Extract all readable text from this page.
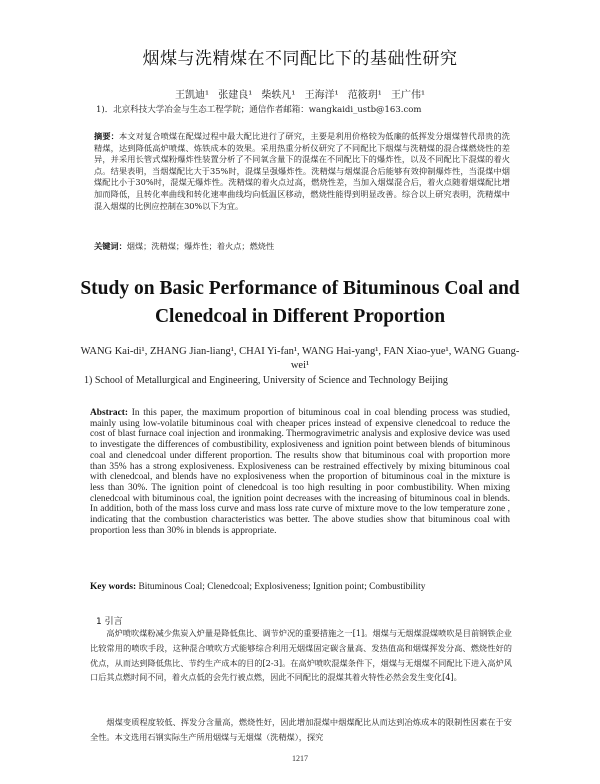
烟煤与洗精煤在不同配比下的基础性研究
王凯迪¹ 张建良¹ 柴轶凡¹ 王海洋¹ 范筱玥¹ 王广伟¹
1)．北京科技大学冶金与生态工程学院；通信作者邮箱：wangkaidi_ustb@163.com
摘要：本文对复合喷煤在配煤过程中最大配比进行了研究，主要是利用价格较为低廉的低挥发分烟煤替代昂贵的洗精煤，达到降低高炉喷煤、炼铁成本的效果。采用热重分析仪研究了不同配比下烟煤与洗精煤的混合煤燃烧性的差异，并采用长管式煤粉爆炸性装置分析了不同氧含量下的混煤在不同配比下的爆炸性，以及不同配比下混煤的着火点。结果表明，当烟煤配比大于35%时，混煤呈强爆炸性。洗精煤与烟煤混合后能够有效抑制爆炸性，当混煤中烟煤配比小于30%时，混煤无爆炸性。洗精煤的着火点过高，燃烧性差，当加入烟煤混合后，着火点随着烟煤配比增加而降低，且转化率曲线和转化速率曲线均向低温区移动，燃烧性能得到明显改善。综合以上研究表明，洗精煤中混入烟煤的比例应控制在30%以下为宜。
关键词：烟煤；洗精煤；爆炸性；着火点；燃烧性
Study on Basic Performance of Bituminous Coal and Clenedcoal in Different Proportion
WANG Kai-di¹, ZHANG Jian-liang¹, CHAI Yi-fan¹, WANG Hai-yang¹, FAN Xiao-yue¹, WANG Guang-wei¹
1) School of Metallurgical and Engineering, University of Science and Technology Beijing
Abstract: In this paper, the maximum proportion of bituminous coal in coal blending process was studied, mainly using low-volatile bituminous coal with cheaper prices instead of expensive clenedcoal to reduce the cost of blast furnace coal injection and ironmaking. Thermogravimetric analysis and explosive device was used to investigate the differences of combustibility, explosiveness and ignition point between blends of bituminous coal and clenedcoal under different proportion. The results show that bituminous coal with proportion more than 35% has a strong explosiveness. Explosiveness can be restrained effectively by mixing bituminous coal with clenedcoal, and blends have no explosiveness when the proportion of bituminous coal in the mixture is less than 30%. The ignition point of clenedcoal is too high resulting in poor combustibility. When mixing clenedcoal with bituminous coal, the ignition point decreases with the increasing of bituminous coal in blends. In addition, both of the mass loss curve and mass loss rate curve of mixture move to the low temperature zone , indicating that the combustion characteristics was better. The above studies show that bituminous coal with proportion less than 30% in blends is appropriate.
Key words: Bituminous Coal; Clenedcoal; Explosiveness; Ignition point; Combustibility
1 引言
高炉喷吹煤粉减少焦炭入炉量是降低焦比、调节炉况的重要措施之一[1]。烟煤与无烟煤混煤喷吹是目前钢铁企业比较常用的喷吹手段，这种混合喷吹方式能够综合利用无烟煤固定碳含量高、发热值高和烟煤挥发分高、燃烧性好的优点，从而达到降低焦比、节约生产成本的目的[2-3]。在高炉喷吹混煤条件下，烟煤与无烟煤不同配比下进入高炉风口后其点燃时间不同，着火点低的会先行被点燃，因此不同配比的混煤其着火特性必然会发生变化[4]。
烟煤变质程度较低、挥发分含量高，燃烧性好，因此增加混煤中烟煤配比从而达到冶炼成本的限制性因素在于安全性。本文选用石钢实际生产所用烟煤与无烟煤（洗精煤），探究
1217
